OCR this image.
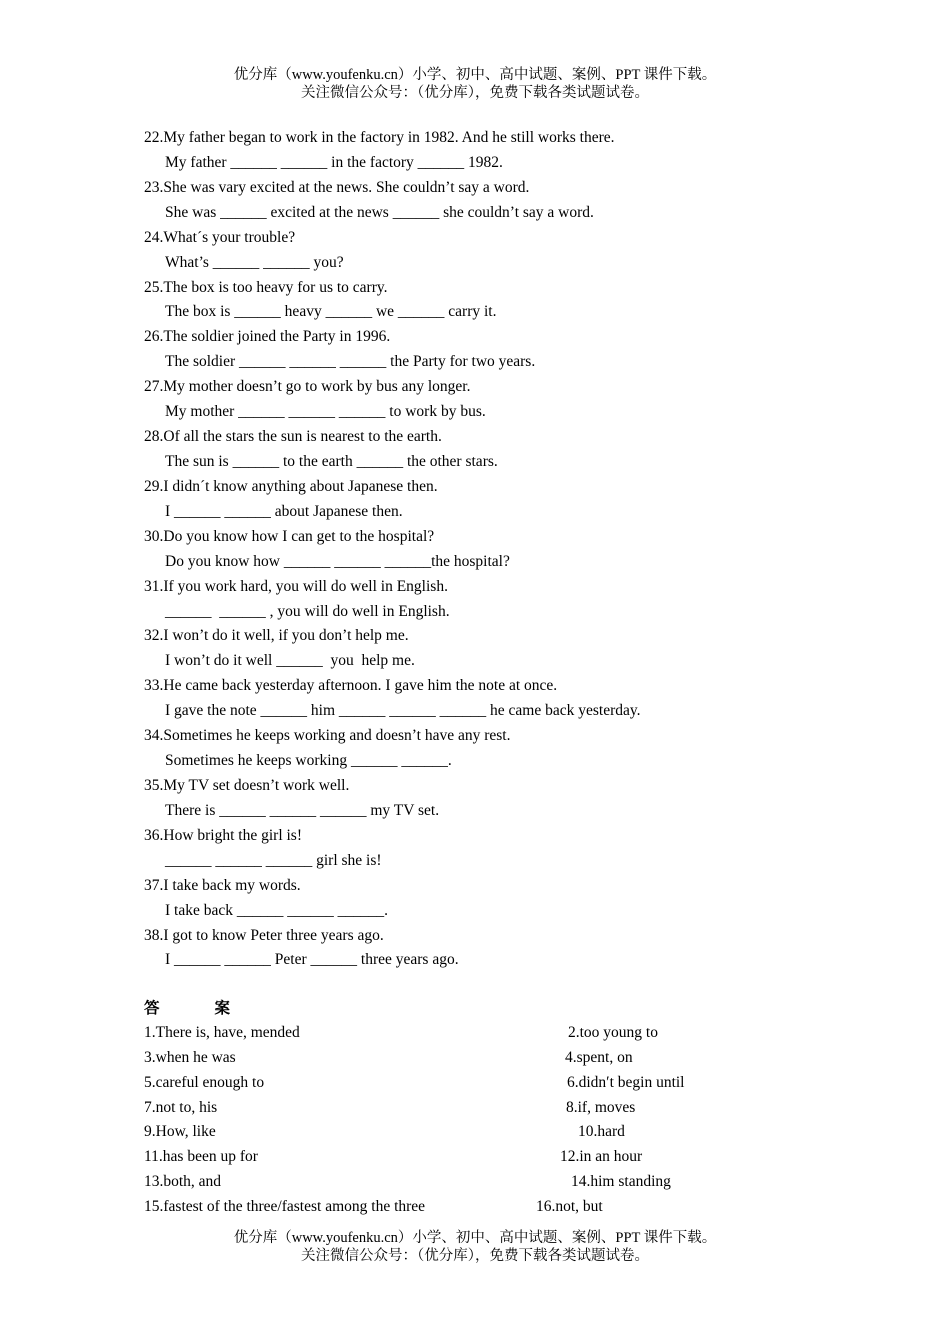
优分库（www.youfenku.cn）小学、初中、高中试题、案例、PPT 课件下载。
关注微信公众号：（优分库），免费下载各类试题试卷。
22.My father began to work in the factory in 1982. And he still works there.
My father ______ ______ in the factory ______ 1982.
23.She was vary excited at the news. She couldn’t say a word.
She was ______ excited at the news ______ she couldn’t say a word.
24.What´s your trouble?
What’s ______ ______ you?
25.The box is too heavy for us to carry.
The box is ______ heavy ______ we ______ carry it.
26.The soldier joined the Party in 1996.
The soldier ______ ______ ______ the Party for two years.
27.My mother doesn’t go to work by bus any longer.
My mother ______ ______ ______ to work by bus.
28.Of all the stars the sun is nearest to the earth.
The sun is ______ to the earth ______ the other stars.
29.I didn´t know anything about Japanese then.
I ______ ______ about Japanese then.
30.Do you know how I can get to the hospital?
Do you know how ______ ______ ______the hospital?
31.If you work hard, you will do well in English.
______  ______ , you will do well in English.
32.I won’t do it well, if you don’t help me.
I won’t do it well ______  you  help me.
33.He came back yesterday afternoon. I gave him the note at once.
I gave the note ______ him ______ ______ ______ he came back yesterday.
34.Sometimes he keeps working and doesn’t have any rest.
Sometimes he keeps working ______ ______.
35.My TV set doesn’t work well.
There is ______ ______ ______ my TV set.
36.How bright the girl is!
______ ______ ______ girl she is!
37.I take back my words.
I take back ______ ______ ______.
38.I got to know Peter three years ago.
I ______ ______ Peter ______ three years ago.
答	案
1.There is, have, mended	2.too young to
3.when he was	4.spent, on
5.careful enough to	6.didn′t begin until
7.not to, his	8.if, moves
9.How, like	10.hard
11.has been up for	12.in an hour
13.both, and	14.him standing
15.fastest of the three/fastest among the three	16.not, but
优分库（www.youfenku.cn）小学、初中、高中试题、案例、PPT 课件下载。
关注微信公众号：（优分库），免费下载各类试题试卷。
